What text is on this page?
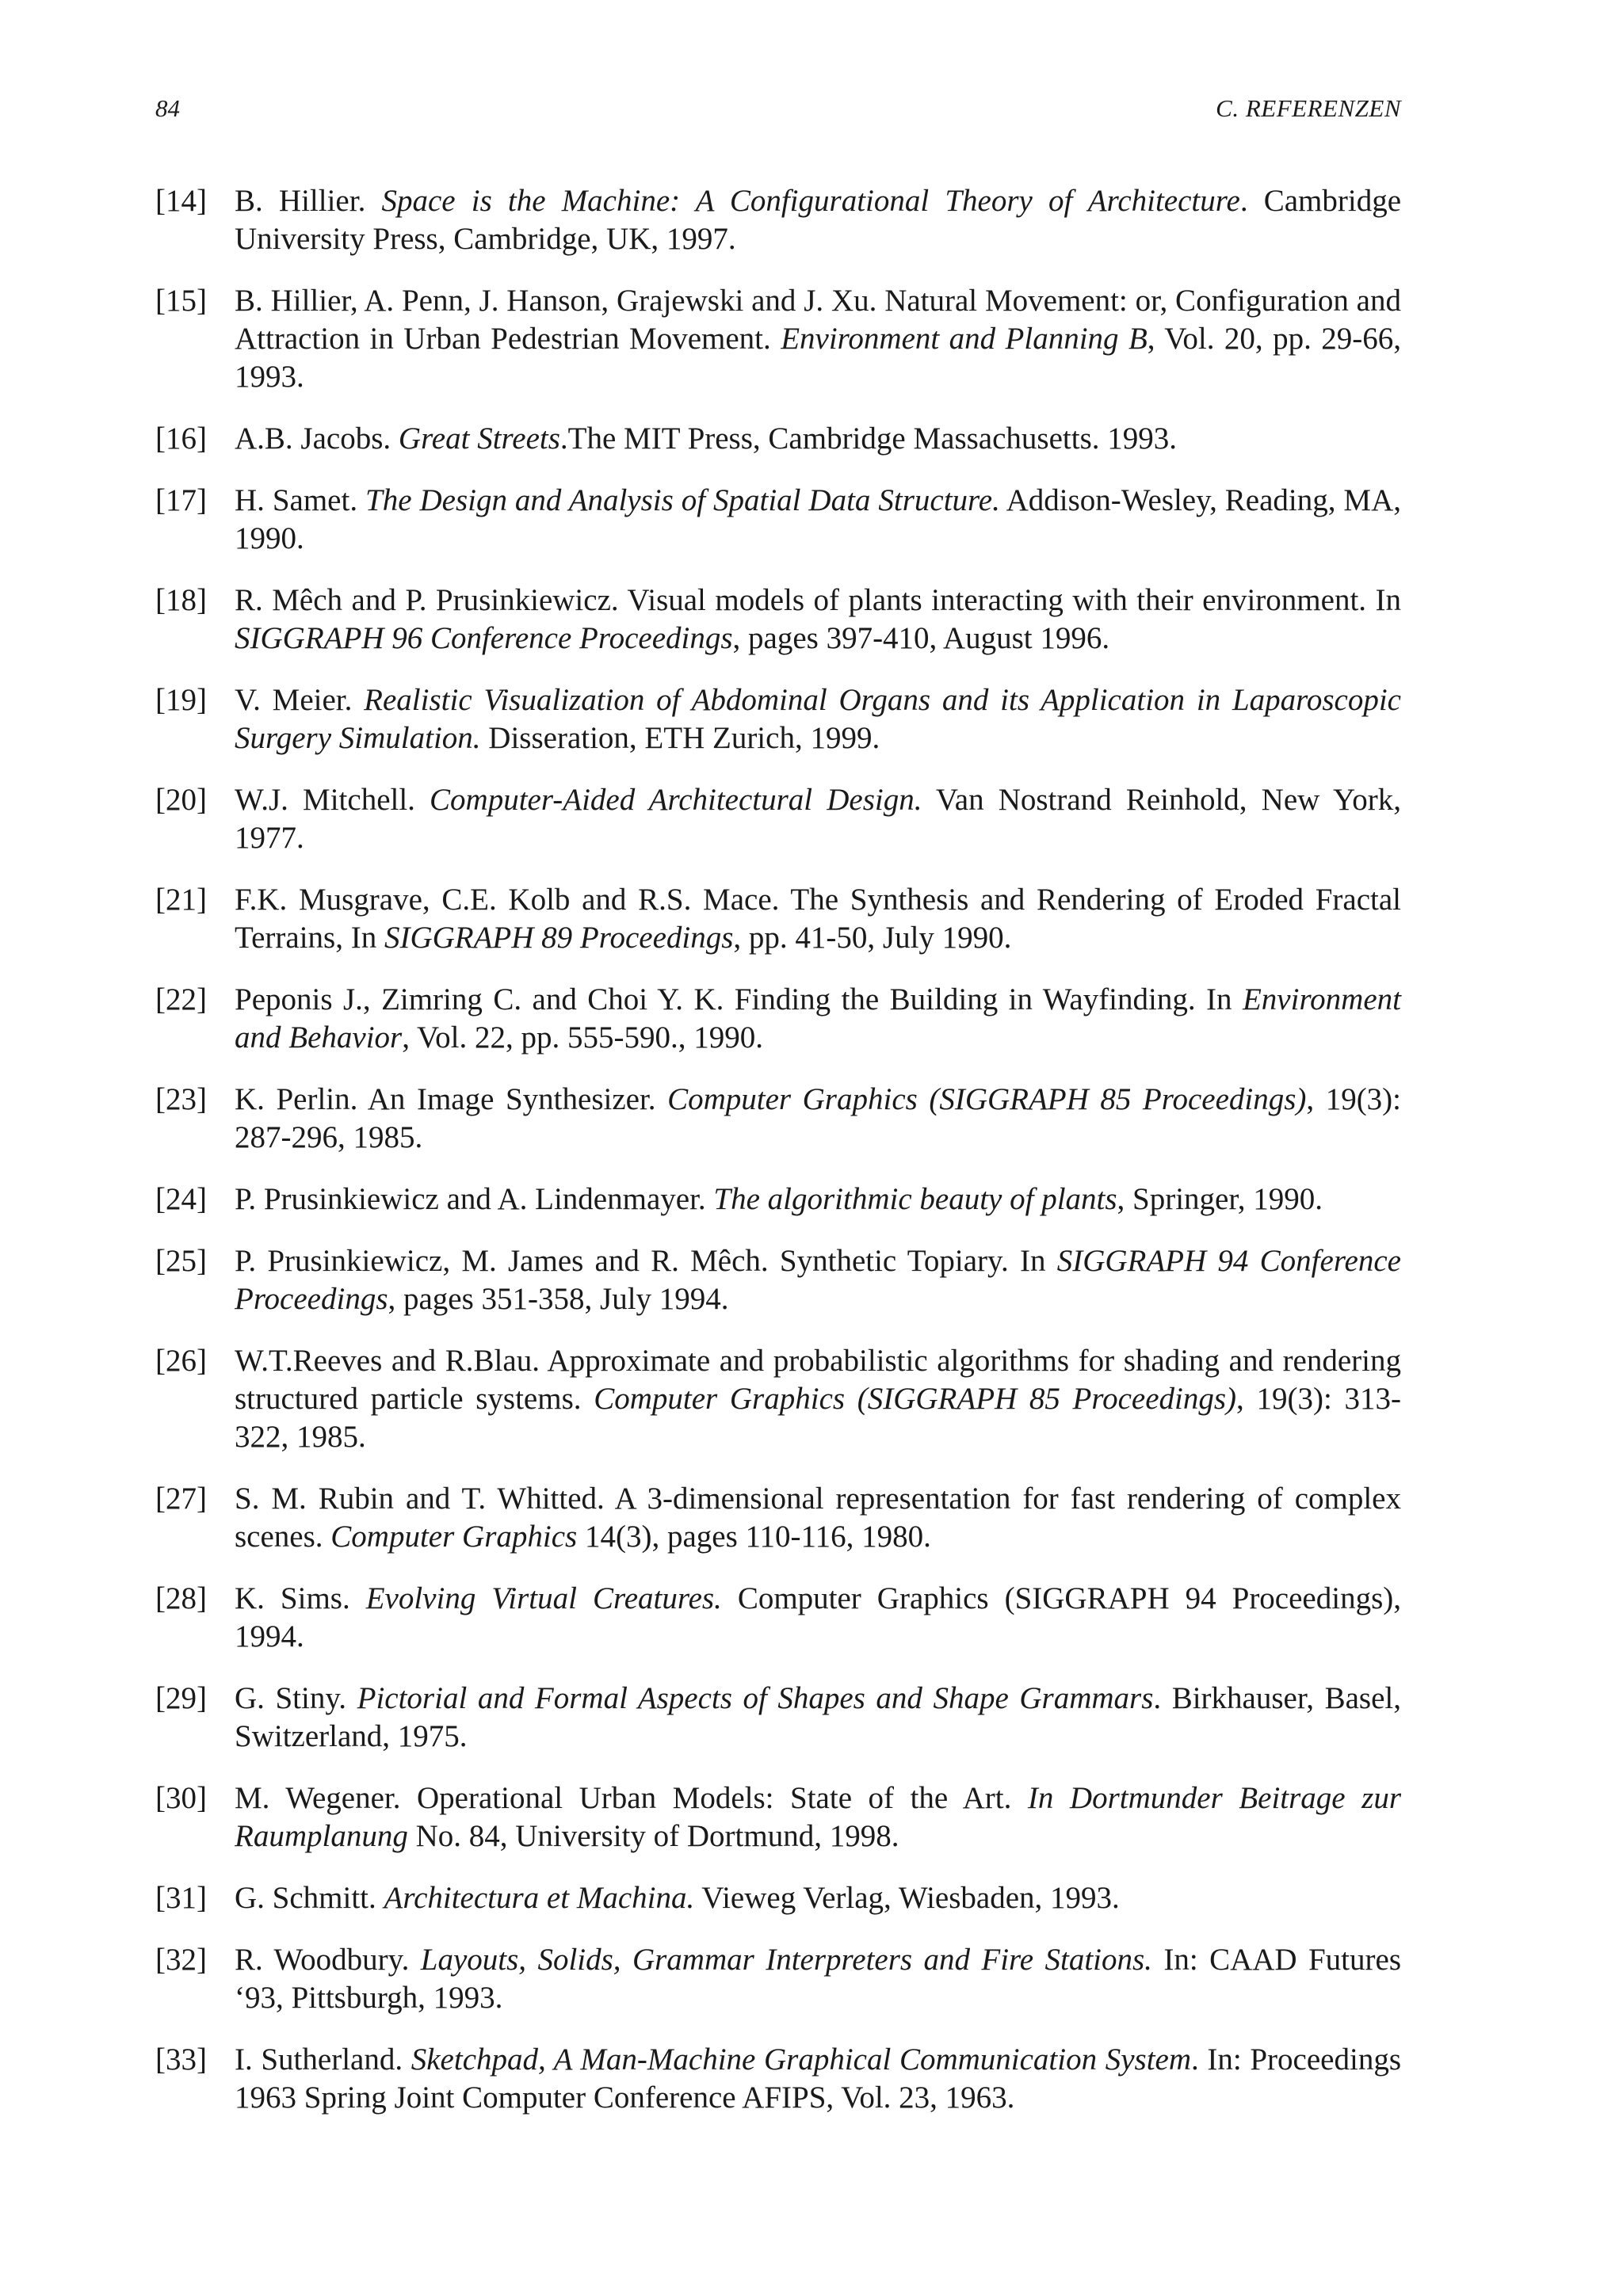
84	C. REFERENZEN
[14] B. Hillier. Space is the Machine: A Configurational Theory of Architecture. Cambridge University Press, Cambridge, UK, 1997.
[15] B. Hillier, A. Penn, J. Hanson, Grajewski and J. Xu. Natural Movement: or, Configuration and Attraction in Urban Pedestrian Movement. Environment and Planning B, Vol. 20, pp. 29-66, 1993.
[16] A.B. Jacobs. Great Streets.The MIT Press, Cambridge Massachusetts. 1993.
[17] H. Samet. The Design and Analysis of Spatial Data Structure. Addison-Wesley, Reading, MA, 1990.
[18] R. Mêch and P. Prusinkiewicz. Visual models of plants interacting with their environment. In SIGGRAPH 96 Conference Proceedings, pages 397-410, August 1996.
[19] V. Meier. Realistic Visualization of Abdominal Organs and its Application in Laparoscopic Surgery Simulation. Disseration, ETH Zurich, 1999.
[20] W.J. Mitchell. Computer-Aided Architectural Design. Van Nostrand Reinhold, New York, 1977.
[21] F.K. Musgrave, C.E. Kolb and R.S. Mace. The Synthesis and Rendering of Eroded Fractal Terrains, In SIGGRAPH 89 Proceedings, pp. 41-50, July 1990.
[22] Peponis J., Zimring C. and Choi Y. K. Finding the Building in Wayfinding. In Environment and Behavior, Vol. 22, pp. 555-590., 1990.
[23] K. Perlin. An Image Synthesizer. Computer Graphics (SIGGRAPH 85 Proceedings), 19(3): 287-296, 1985.
[24] P. Prusinkiewicz and A. Lindenmayer. The algorithmic beauty of plants, Springer, 1990.
[25] P. Prusinkiewicz, M. James and R. Mêch. Synthetic Topiary. In SIGGRAPH 94 Conference Proceedings, pages 351-358, July 1994.
[26] W.T.Reeves and R.Blau. Approximate and probabilistic algorithms for shading and rendering structured particle systems. Computer Graphics (SIGGRAPH 85 Proceedings), 19(3): 313-322, 1985.
[27] S. M. Rubin and T. Whitted. A 3-dimensional representation for fast rendering of complex scenes. Computer Graphics 14(3), pages 110-116, 1980.
[28] K. Sims. Evolving Virtual Creatures. Computer Graphics (SIGGRAPH 94 Proceedings), 1994.
[29] G. Stiny. Pictorial and Formal Aspects of Shapes and Shape Grammars. Birkhauser, Basel, Switzerland, 1975.
[30] M. Wegener. Operational Urban Models: State of the Art. In Dortmunder Beitrage zur Raumplanung No. 84, University of Dortmund, 1998.
[31] G. Schmitt. Architectura et Machina. Vieweg Verlag, Wiesbaden, 1993.
[32] R. Woodbury. Layouts, Solids, Grammar Interpreters and Fire Stations. In: CAAD Futures ‘93, Pittsburgh, 1993.
[33] I. Sutherland. Sketchpad, A Man-Machine Graphical Communication System. In: Proceedings 1963 Spring Joint Computer Conference AFIPS, Vol. 23, 1963.
